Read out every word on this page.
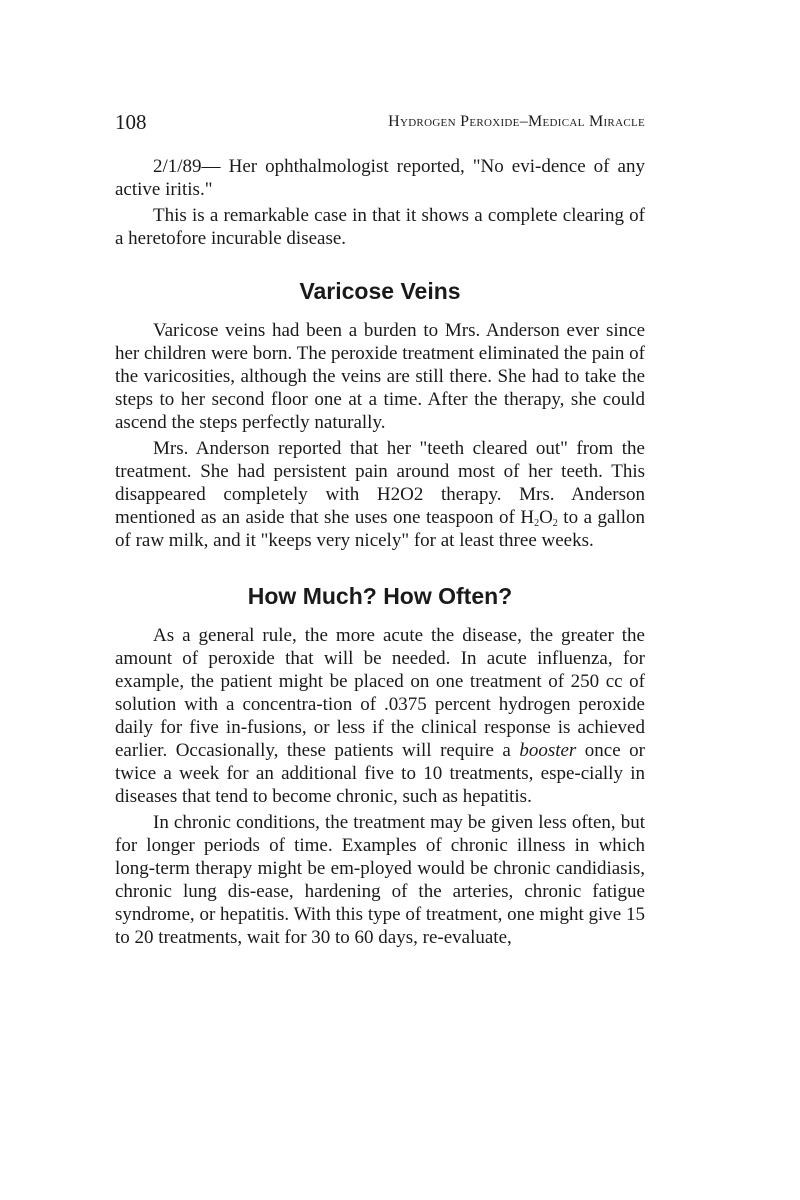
108	Hydrogen Peroxide–Medical Miracle

2/1/89— Her ophthalmologist reported, "No evi-dence of any active iritis."

This is a remarkable case in that it shows a complete clearing of a heretofore incurable disease.

Varicose Veins

Varicose veins had been a burden to Mrs. Anderson ever since her children were born. The peroxide treatment eliminated the pain of the varicosities, although the veins are still there. She had to take the steps to her second floor one at a time. After the therapy, she could ascend the steps perfectly naturally.

Mrs. Anderson reported that her "teeth cleared out" from the treatment. She had persistent pain around most of her teeth. This disappeared completely with H2O2 therapy. Mrs. Anderson mentioned as an aside that she uses one teaspoon of $H_2O_2$ to a gallon of raw milk, and it "keeps very nicely" for at least three weeks.

How Much? How Often?

As a general rule, the more acute the disease, the greater the amount of peroxide that will be needed. In acute influenza, for example, the patient might be placed on one treatment of 250 cc of solution with a concentra-tion of .0375 percent hydrogen peroxide daily for five in-fusions, or less if the clinical response is achieved earlier. Occasionally, these patients will require a booster once or twice a week for an additional five to 10 treatments, espe-cially in diseases that tend to become chronic, such as hepatitis.

In chronic conditions, the treatment may be given less often, but for longer periods of time. Examples of chronic illness in which long-term therapy might be em-ployed would be chronic candidiasis, chronic lung dis-ease, hardening of the arteries, chronic fatigue syndrome, or hepatitis. With this type of treatment, one might give 15 to 20 treatments, wait for 30 to 60 days, re-evaluate,
